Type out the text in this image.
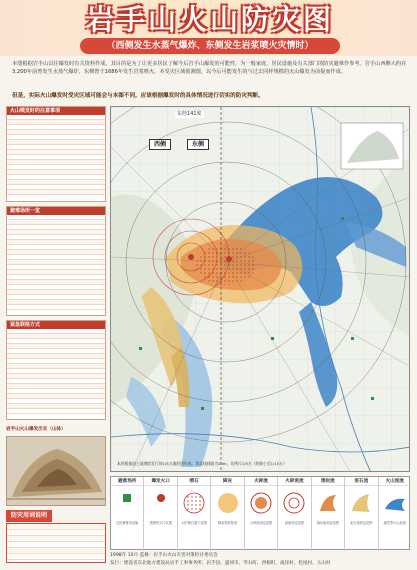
岩手山火山防灾图
（西侧发生水蒸气爆炸、东侧发生岩浆喷火灾情时）
本图根据岩手山以往爆发时有关资料作成，其目的是为了让更多居民了解今后岩手山爆发的可能性，为一般家庭、居民设施及有关部门的防灾避难作参考。岩手山西侧大约在3,200年前曾发生水蒸气爆炸，东侧曾于1686年发生岩浆喷火。本受灾区域预测图，以今后可能发生的与过去同样规模的火山爆发为前提而作成。
但是，实际火山爆发时受灾区域可能会与本图不同，应该根据爆发时的具体情况进行切实的防灾判断。
火山喷发时的注意事项
避难场所一览
紧急联络方式
岩手山火山爆发历史（山体）
防灾用词说明
东经141度
西侧	东侧
本图根据国土地理院发行的1/5万地形图作成，等高线间隔为20m，比例尺1/5万（约缩小至1/10万）
避难场所
住民避难用设施
爆发火口
预想的火口位置
喷石
大的喷石落下范围
降灰
降灰堆积厚度
火碎流
火碎流到达范围
火碎泥流
泥流到达范围
熔岩流
熔岩流到达范围
泥石流
泥石流到达范围
火山泥流
融雪型火山泥流
1998年 10月 监修：岩手山火山灾害对策检讨委员会
发行：建设省东北地方建设局岩手工事事务所、岩手县、盛冈市、雫石町、西根町、滝泽村、松尾村、玉山村
